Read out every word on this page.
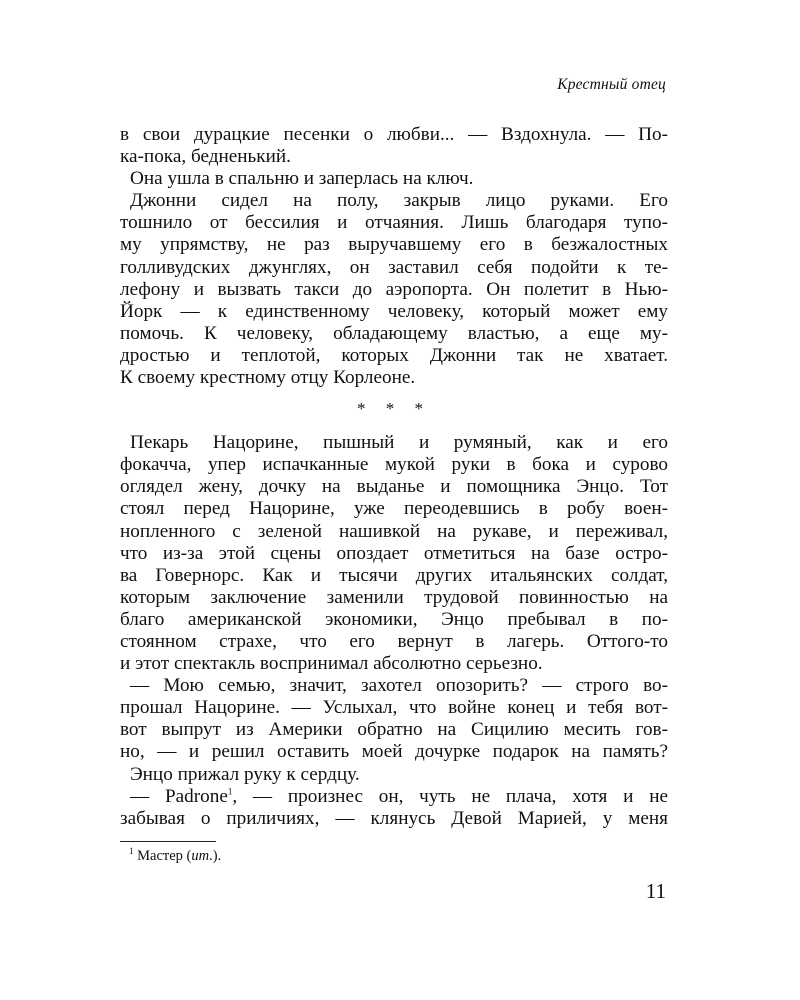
Крестный отец
в свои дурацкие песенки о любви... — Вздохнула. — По-
ка-пока, бедненький.
Она ушла в спальню и заперлась на ключ.
Джонни сидел на полу, закрыв лицо руками. Его
тошнило от бессилия и отчаяния. Лишь благодаря тупо-
му упрямству, не раз выручавшему его в безжалостных
голливудских джунглях, он заставил себя подойти к те-
лефону и вызвать такси до аэропорта. Он полетит в Нью-
Йорк — к единственному человеку, который может ему
помочь. К человеку, обладающему властью, а еще му-
дростью и теплотой, которых Джонни так не хватает.
К своему крестному отцу Корлеоне.
* * *
Пекарь Нацорине, пышный и румяный, как и его
фокачча, упер испачканные мукой руки в бока и сурово
оглядел жену, дочку на выданье и помощника Энцо. Тот
стоял перед Нацорине, уже переодевшись в робу воен-
нопленного с зеленой нашивкой на рукаве, и переживал,
что из-за этой сцены опоздает отметиться на базе остро-
ва Говернорс. Как и тысячи других итальянских солдат,
которым заключение заменили трудовой повинностью на
благо американской экономики, Энцо пребывал в по-
стоянном страхе, что его вернут в лагерь. Оттого-то
и этот спектакль воспринимал абсолютно серьезно.
— Мою семью, значит, захотел опозорить? — строго во-
прошал Нацорине. — Услыхал, что войне конец и тебя вот-
вот выпрут из Америки обратно на Сицилию месить гов-
но, — и решил оставить моей дочурке подарок на память?
Энцо прижал руку к сердцу.
— Padrone$^1$, — произнес он, чуть не плача, хотя и не
забывая о приличиях, — клянусь Девой Марией, у меня
$^1$ Мастер (ит.).
11
